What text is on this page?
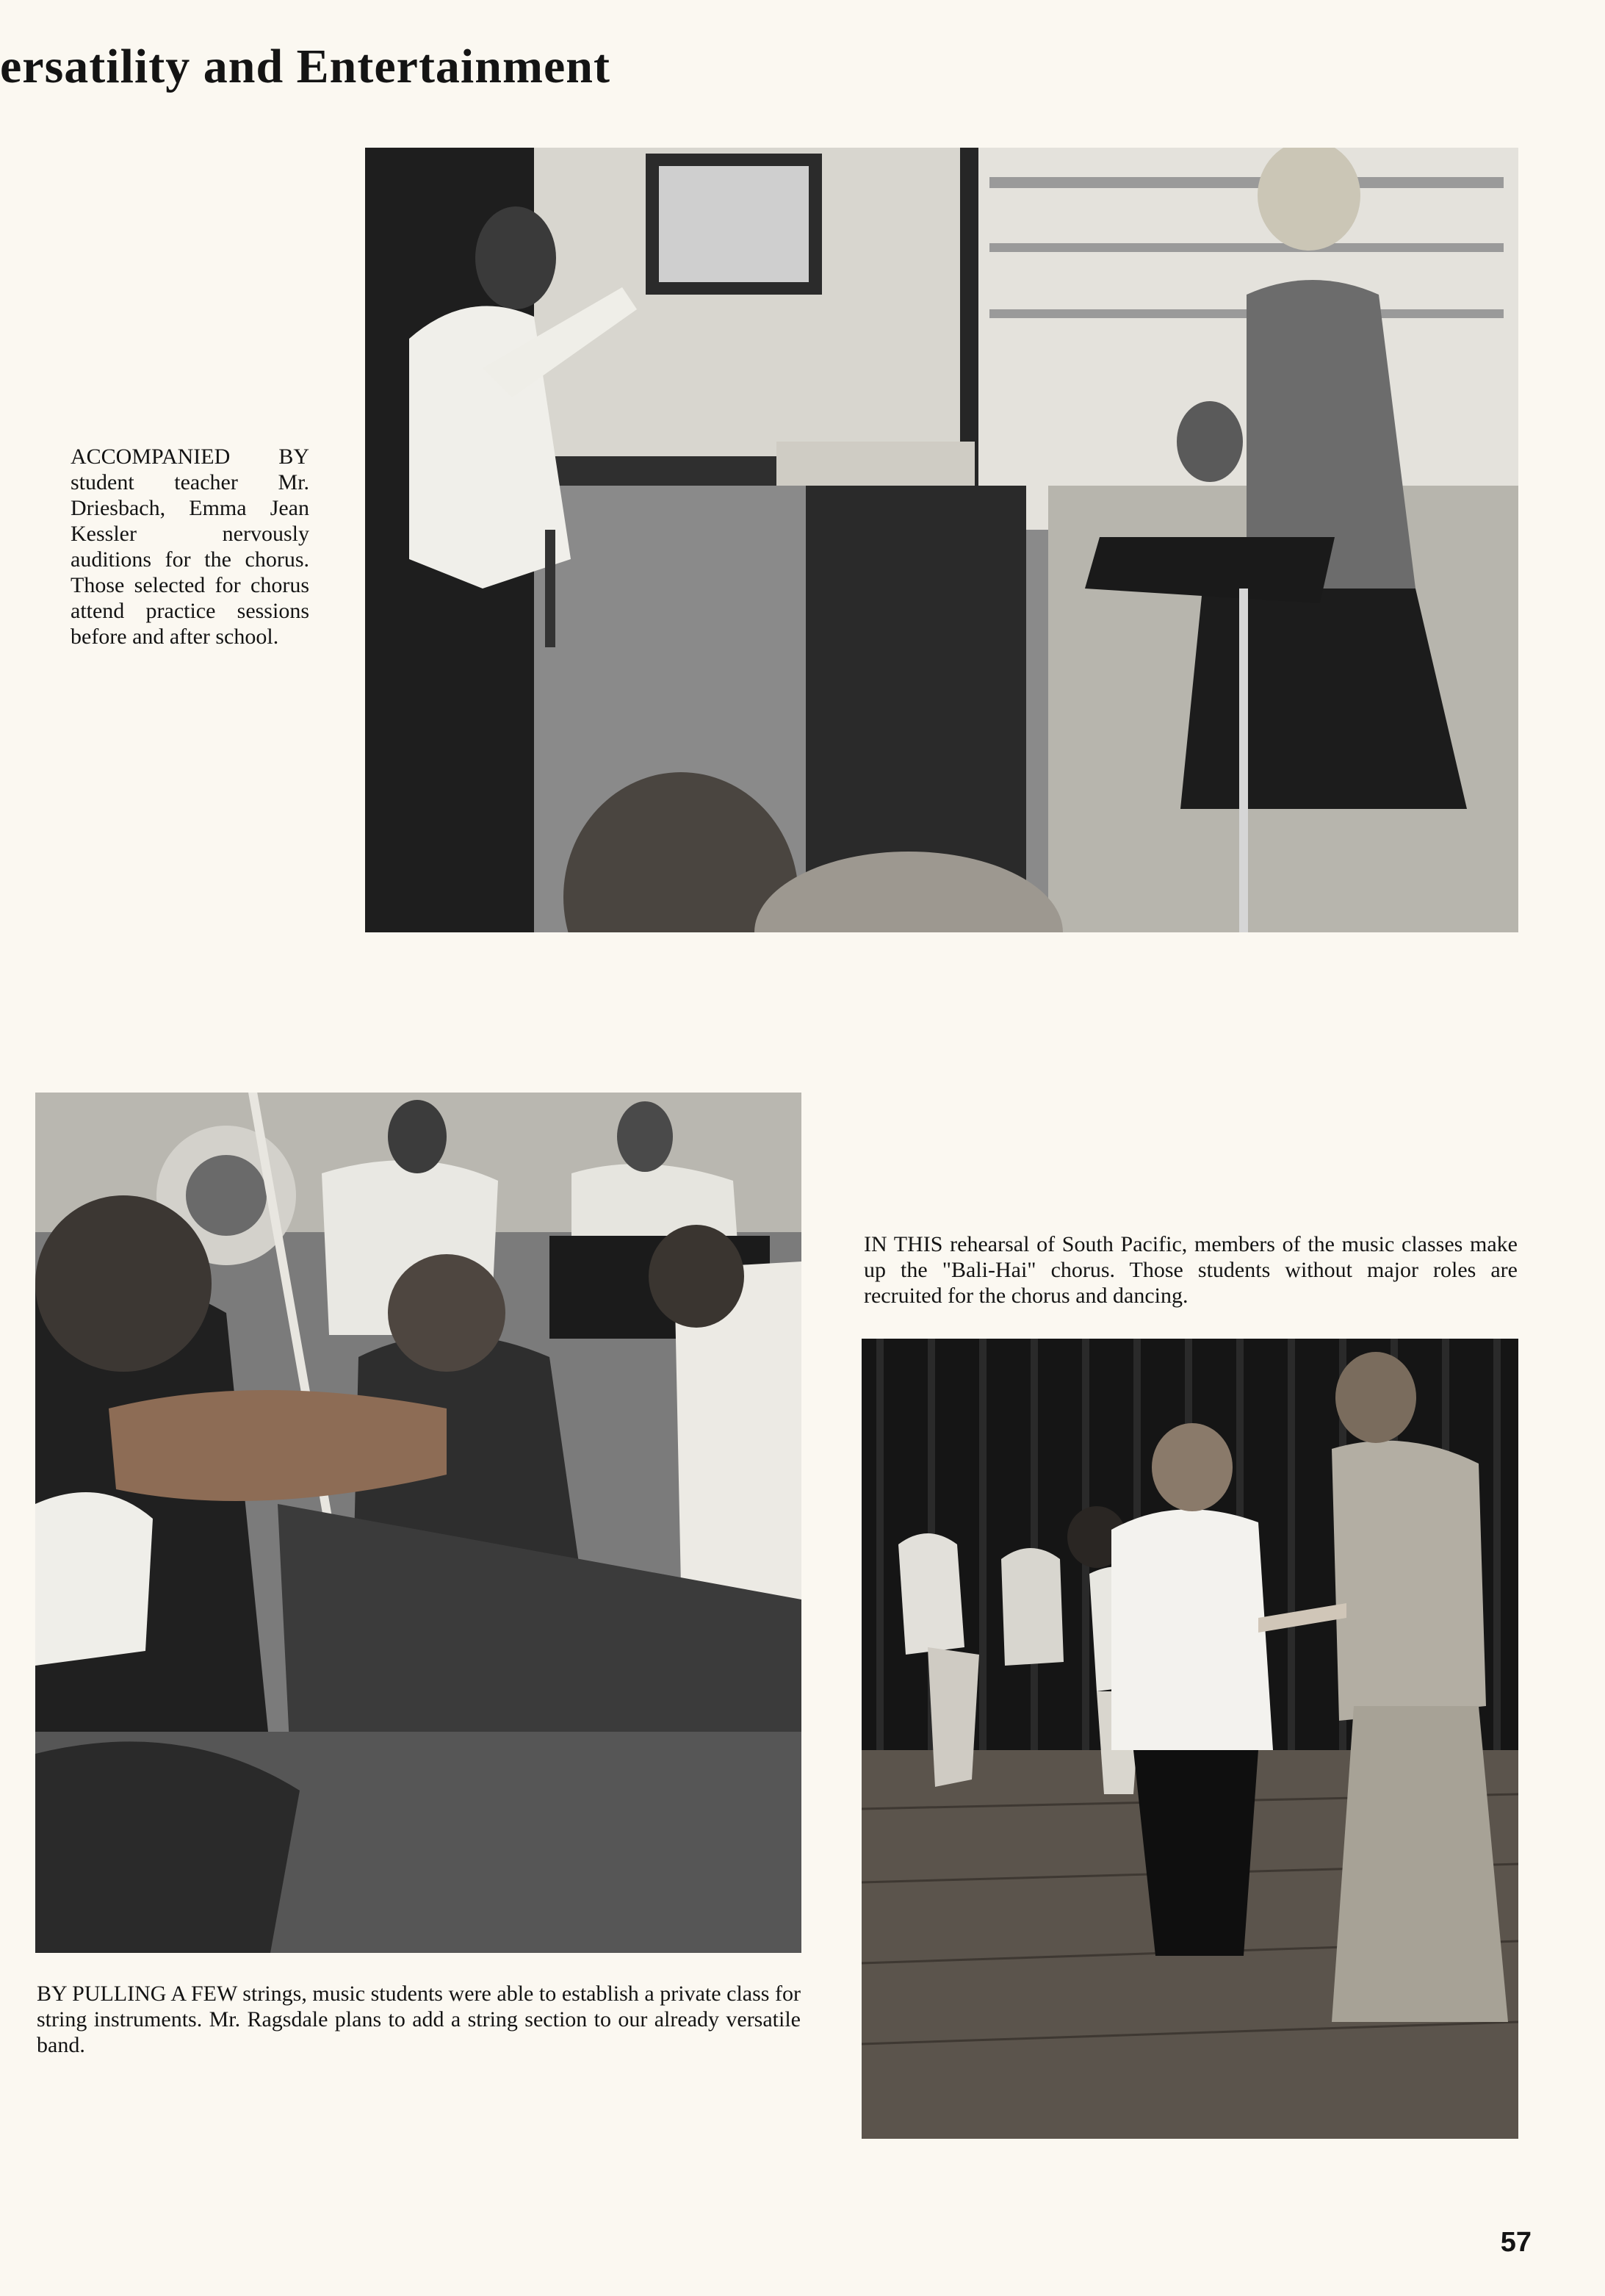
ersatility and Entertainment

ACCOMPANIED BY student teacher Mr. Driesbach, Emma Jean Kessler nervously auditions for the chorus. Those selected for chorus attend practice sessions before and after school.

BY PULLING A FEW strings, music students were able to establish a private class for string instruments. Mr. Ragsdale plans to add a string section to our already versatile band.

IN THIS rehearsal of South Pacific, members of the music classes make up the "Bali-Hai" chorus. Those students without major roles are recruited for the chorus and dancing.

57
